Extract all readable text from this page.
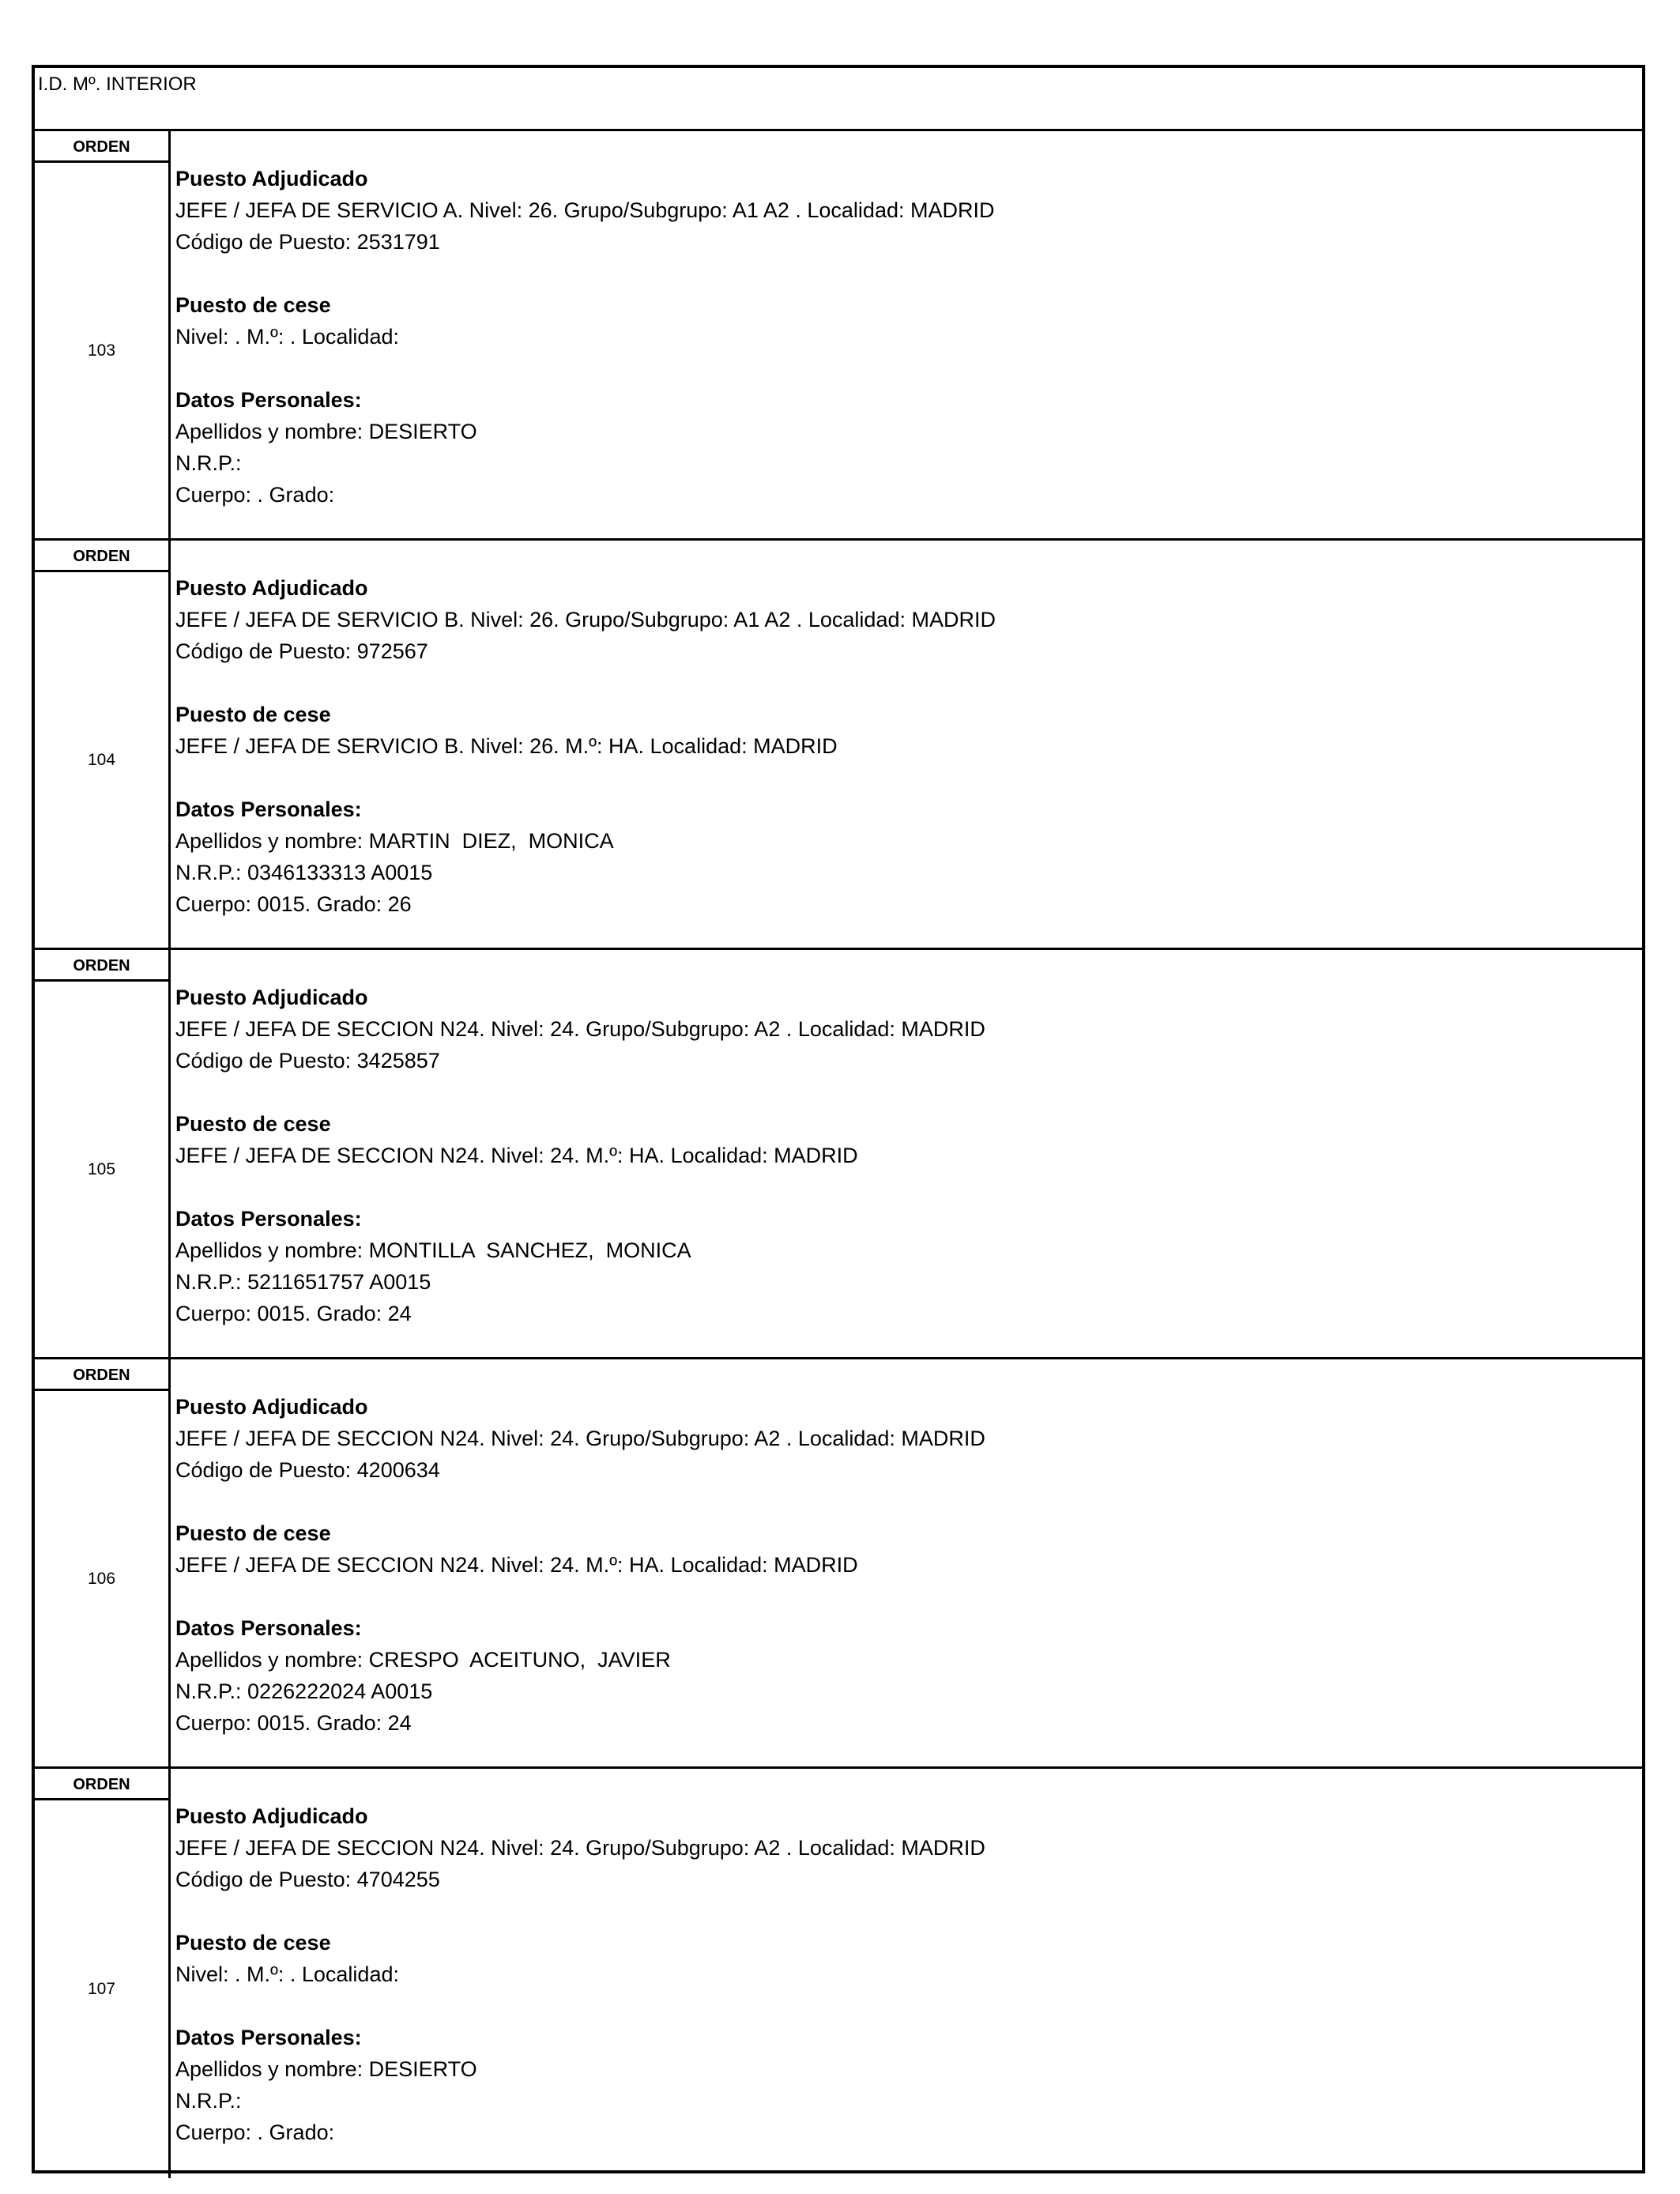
I.D. Mº. INTERIOR
ORDEN
103
Puesto Adjudicado
JEFE / JEFA DE SERVICIO A. Nivel: 26. Grupo/Subgrupo: A1 A2 . Localidad: MADRID
Código de Puesto: 2531791
Puesto de cese
Nivel: . M.º: . Localidad:
Datos Personales:
Apellidos y nombre: DESIERTO
N.R.P.:
Cuerpo: . Grado:
ORDEN
104
Puesto Adjudicado
JEFE / JEFA DE SERVICIO B. Nivel: 26. Grupo/Subgrupo: A1 A2 . Localidad: MADRID
Código de Puesto: 972567
Puesto de cese
JEFE / JEFA DE SERVICIO B. Nivel: 26. M.º: HA. Localidad: MADRID
Datos Personales:
Apellidos y nombre: MARTIN  DIEZ,  MONICA
N.R.P.: 0346133313 A0015
Cuerpo: 0015. Grado: 26
ORDEN
105
Puesto Adjudicado
JEFE / JEFA DE SECCION N24. Nivel: 24. Grupo/Subgrupo: A2 . Localidad: MADRID
Código de Puesto: 3425857
Puesto de cese
JEFE / JEFA DE SECCION N24. Nivel: 24. M.º: HA. Localidad: MADRID
Datos Personales:
Apellidos y nombre: MONTILLA  SANCHEZ,  MONICA
N.R.P.: 5211651757 A0015
Cuerpo: 0015. Grado: 24
ORDEN
106
Puesto Adjudicado
JEFE / JEFA DE SECCION N24. Nivel: 24. Grupo/Subgrupo: A2 . Localidad: MADRID
Código de Puesto: 4200634
Puesto de cese
JEFE / JEFA DE SECCION N24. Nivel: 24. M.º: HA. Localidad: MADRID
Datos Personales:
Apellidos y nombre: CRESPO  ACEITUNO,  JAVIER
N.R.P.: 0226222024 A0015
Cuerpo: 0015. Grado: 24
ORDEN
107
Puesto Adjudicado
JEFE / JEFA DE SECCION N24. Nivel: 24. Grupo/Subgrupo: A2 . Localidad: MADRID
Código de Puesto: 4704255
Puesto de cese
Nivel: . M.º: . Localidad:
Datos Personales:
Apellidos y nombre: DESIERTO
N.R.P.:
Cuerpo: . Grado:
